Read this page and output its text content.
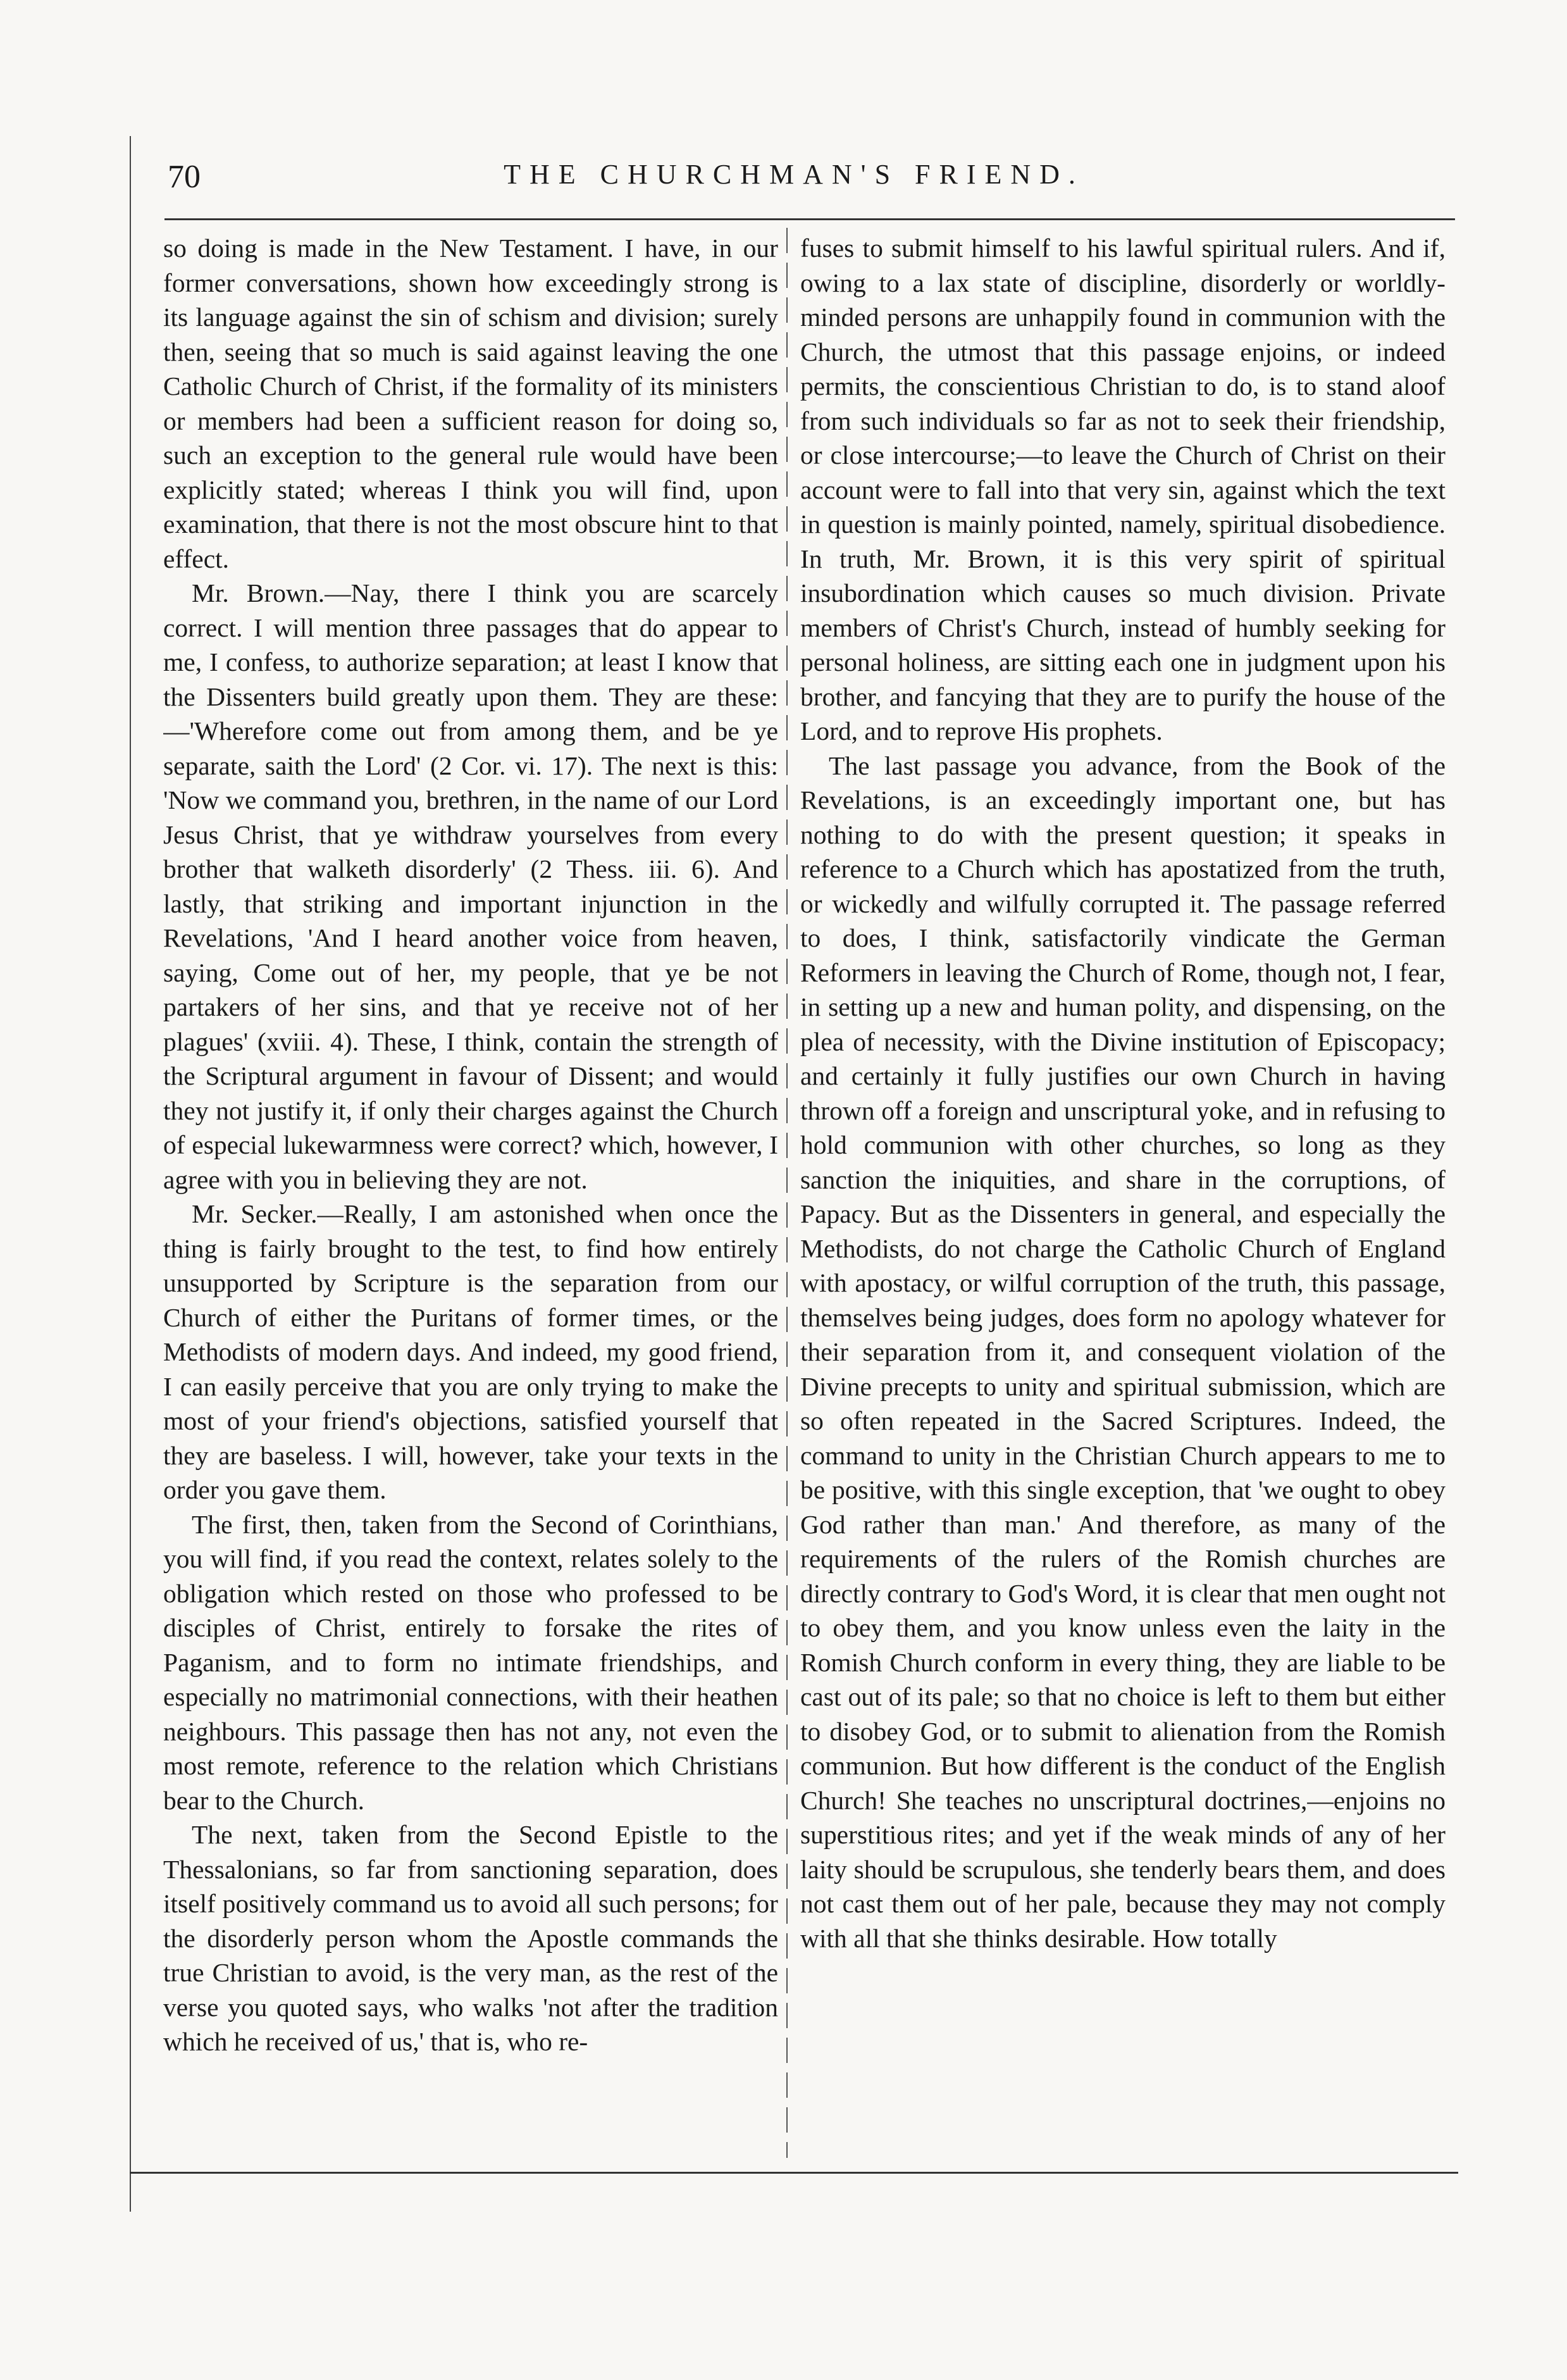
70	THE CHURCHMAN'S FRIEND.

so doing is made in the New Testament. I have, in our former conversations, shown how exceedingly strong is its language against the sin of schism and division; surely then, seeing that so much is said against leaving the one Catholic Church of Christ, if the formality of its ministers or members had been a sufficient reason for doing so, such an exception to the general rule would have been explicitly stated; whereas I think you will find, upon examination, that there is not the most obscure hint to that effect.

Mr. Brown.—Nay, there I think you are scarcely correct. I will mention three passages that do appear to me, I confess, to authorize separation; at least I know that the Dissenters build greatly upon them. They are these:—'Wherefore come out from among them, and be ye separate, saith the Lord' (2 Cor. vi. 17). The next is this: 'Now we command you, brethren, in the name of our Lord Jesus Christ, that ye withdraw yourselves from every brother that walketh disorderly' (2 Thess. iii. 6). And lastly, that striking and important injunction in the Revelations, 'And I heard another voice from heaven, saying, Come out of her, my people, that ye be not partakers of her sins, and that ye receive not of her plagues' (xviii. 4). These, I think, contain the strength of the Scriptural argument in favour of Dissent; and would they not justify it, if only their charges against the Church of especial lukewarmness were correct? which, however, I agree with you in believing they are not.

Mr. Secker.—Really, I am astonished when once the thing is fairly brought to the test, to find how entirely unsupported by Scripture is the separation from our Church of either the Puritans of former times, or the Methodists of modern days. And indeed, my good friend, I can easily perceive that you are only trying to make the most of your friend's objections, satisfied yourself that they are baseless. I will, however, take your texts in the order you gave them.

The first, then, taken from the Second of Corinthians, you will find, if you read the context, relates solely to the obligation which rested on those who professed to be disciples of Christ, entirely to forsake the rites of Paganism, and to form no intimate friendships, and especially no matrimonial connections, with their heathen neighbours. This passage then has not any, not even the most remote, reference to the relation which Christians bear to the Church.

The next, taken from the Second Epistle to the Thessalonians, so far from sanctioning separation, does itself positively command us to avoid all such persons; for the disorderly person whom the Apostle commands the true Christian to avoid, is the very man, as the rest of the verse you quoted says, who walks 'not after the tradition which he received of us,' that is, who re-

fuses to submit himself to his lawful spiritual rulers. And if, owing to a lax state of discipline, disorderly or worldly-minded persons are unhappily found in communion with the Church, the utmost that this passage enjoins, or indeed permits, the conscientious Christian to do, is to stand aloof from such individuals so far as not to seek their friendship, or close intercourse;—to leave the Church of Christ on their account were to fall into that very sin, against which the text in question is mainly pointed, namely, spiritual disobedience. In truth, Mr. Brown, it is this very spirit of spiritual insubordination which causes so much division. Private members of Christ's Church, instead of humbly seeking for personal holiness, are sitting each one in judgment upon his brother, and fancying that they are to purify the house of the Lord, and to reprove His prophets.

The last passage you advance, from the Book of the Revelations, is an exceedingly important one, but has nothing to do with the present question; it speaks in reference to a Church which has apostatized from the truth, or wickedly and wilfully corrupted it. The passage referred to does, I think, satisfactorily vindicate the German Reformers in leaving the Church of Rome, though not, I fear, in setting up a new and human polity, and dispensing, on the plea of necessity, with the Divine institution of Episcopacy; and certainly it fully justifies our own Church in having thrown off a foreign and unscriptural yoke, and in refusing to hold communion with other churches, so long as they sanction the iniquities, and share in the corruptions, of Papacy. But as the Dissenters in general, and especially the Methodists, do not charge the Catholic Church of England with apostacy, or wilful corruption of the truth, this passage, themselves being judges, does form no apology whatever for their separation from it, and consequent violation of the Divine precepts to unity and spiritual submission, which are so often repeated in the Sacred Scriptures. Indeed, the command to unity in the Christian Church appears to me to be positive, with this single exception, that 'we ought to obey God rather than man.' And therefore, as many of the requirements of the rulers of the Romish churches are directly contrary to God's Word, it is clear that men ought not to obey them, and you know unless even the laity in the Romish Church conform in every thing, they are liable to be cast out of its pale; so that no choice is left to them but either to disobey God, or to submit to alienation from the Romish communion. But how different is the conduct of the English Church! She teaches no unscriptural doctrines,—enjoins no superstitious rites; and yet if the weak minds of any of her laity should be scrupulous, she tenderly bears them, and does not cast them out of her pale, because they may not comply with all that she thinks desirable. How totally
